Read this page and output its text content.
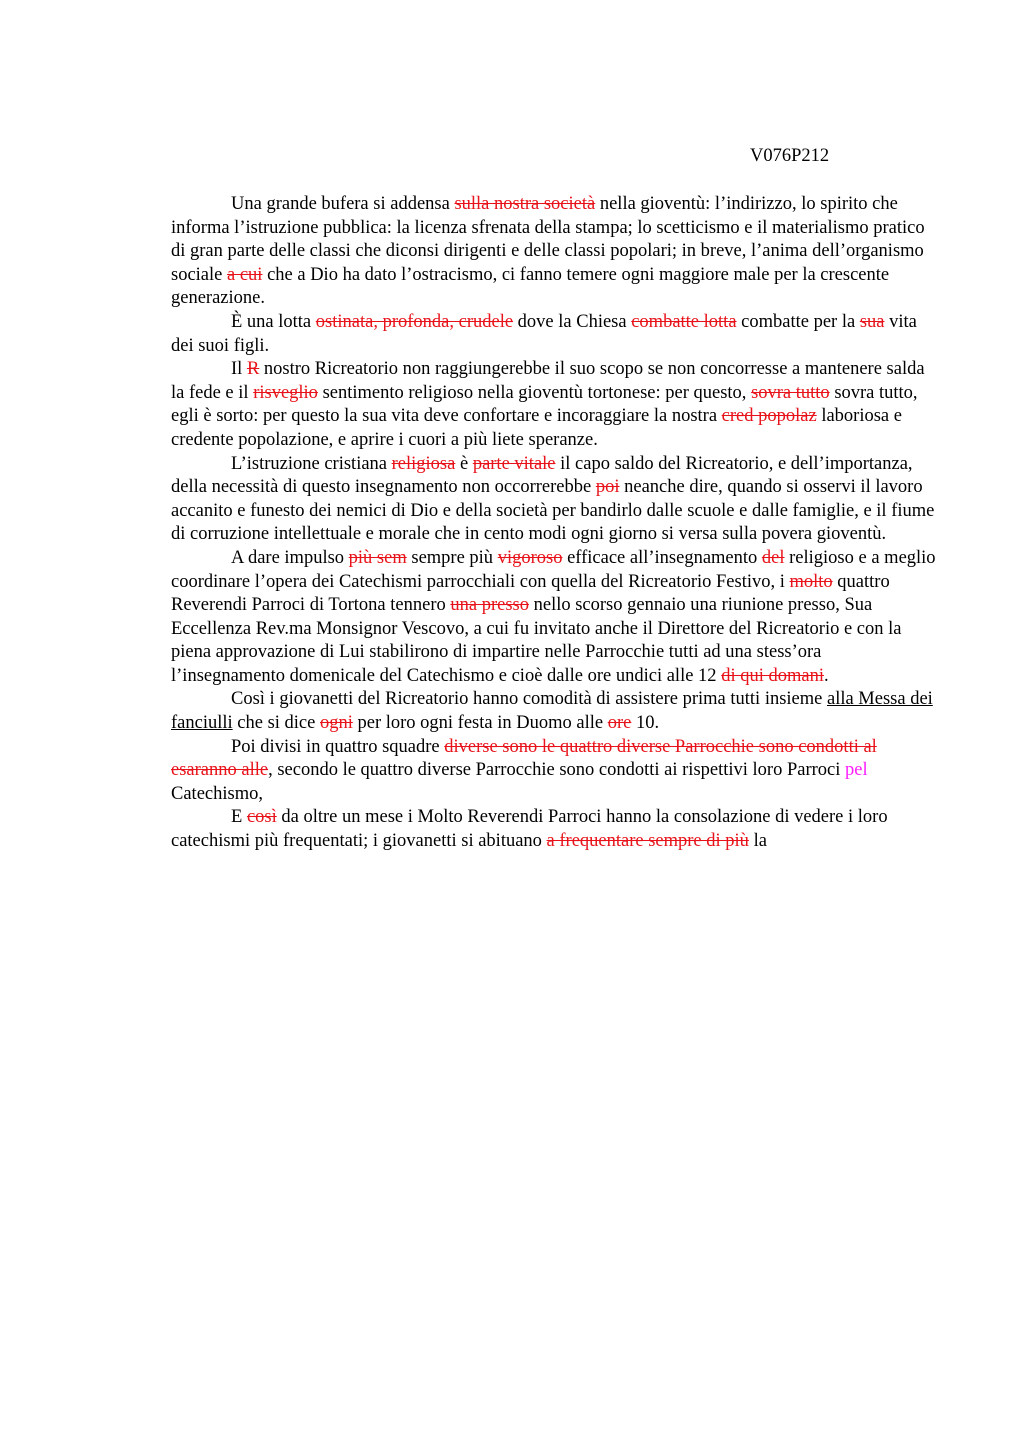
V076P212

Una grande bufera si addensa sulla nostra società nella gioventù: l’indirizzo, lo spirito che informa l’istruzione pubblica: la licenza sfrenata della stampa; lo scetticismo e il materialismo pratico di gran parte delle classi che diconsi dirigenti e delle classi popolari; in breve, l’anima dell’organismo sociale a cui che a Dio ha dato l’ostracismo, ci fanno temere ogni maggiore male per la crescente generazione.

È una lotta ostinata, profonda, crudele dove la Chiesa combatte lotta combatte per la sua vita dei suoi figli.

Il R nostro Ricreatorio non raggiungerebbe il suo scopo se non concorresse a mantenere salda la fede e il risveglio sentimento religioso nella gioventù tortonese: per questo, sovra tutto sovra tutto, egli è sorto: per questo la sua vita deve confortare e incoraggiare la nostra cred popolaz laboriosa e credente popolazione, e aprire i cuori a più liete speranze.

L’istruzione cristiana religiosa è parte vitale il capo saldo del Ricreatorio, e dell’importanza, della necessità di questo insegnamento non occorrerebbe poi neanche dire, quando si osservi il lavoro accanito e funesto dei nemici di Dio e della società per bandirlo dalle scuole e dalle famiglie, e il fiume di corruzione intellettuale e morale che in cento modi ogni giorno si versa sulla povera gioventù.

A dare impulso più sem sempre più vigoroso efficace all’insegnamento del religioso e a meglio coordinare l’opera dei Catechismi parrocchiali con quella del Ricreatorio Festivo, i molto quattro Reverendi Parroci di Tortona tennero una presso nello scorso gennaio una riunione presso, Sua Eccellenza Rev.ma Monsignor Vescovo, a cui fu invitato anche il Direttore del Ricreatorio e con la piena approvazione di Lui stabilirono di impartire nelle Parrocchie tutti ad una stess’ora l’insegnamento domenicale del Catechismo e cioè dalle ore undici alle 12 di qui domani.

Così i giovanetti del Ricreatorio hanno comodità di assistere prima tutti insieme alla Messa dei fanciulli che si dice ogni per loro ogni festa in Duomo alle ore 10.

Poi divisi in quattro squadre diverse sono le quattro diverse Parrocchie sono condotti al esaranno alle, secondo le quattro diverse Parrocchie sono condotti ai rispettivi loro Parroci pel Catechismo,

E così da oltre un mese i Molto Reverendi Parroci hanno la consolazione di vedere i loro catechismi più frequentati; i giovanetti si abituano a frequentare sempre di più la
